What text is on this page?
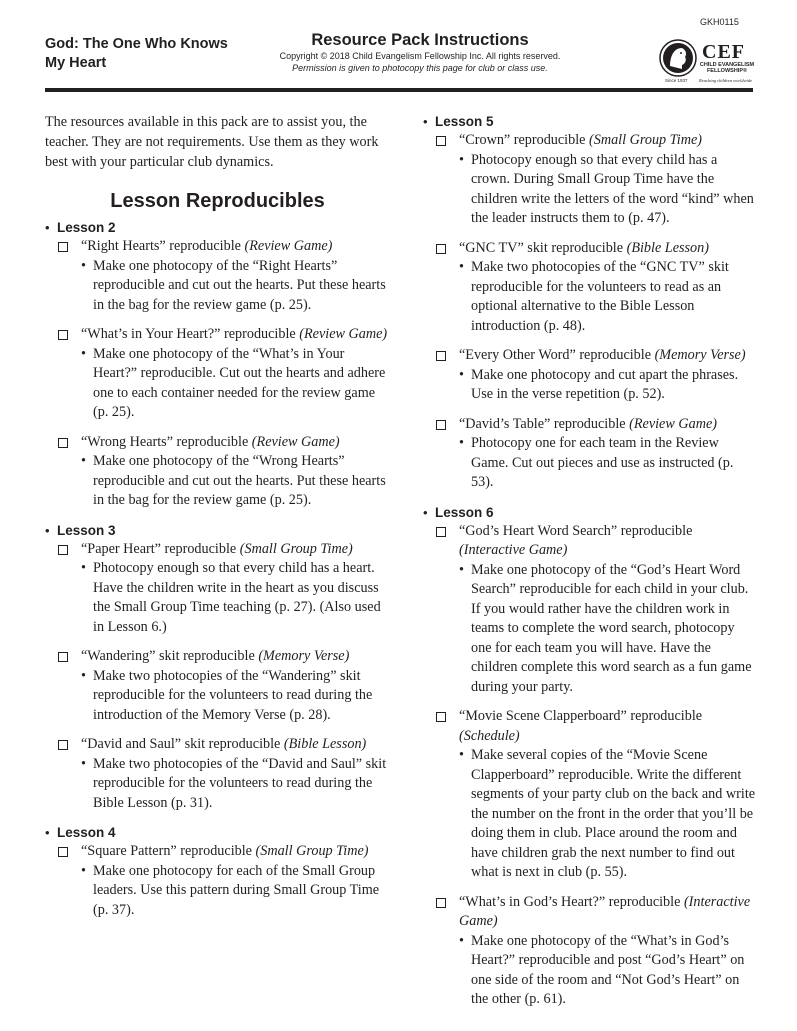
God: The One Who Knows My Heart
Resource Pack Instructions
Copyright © 2018 Child Evangelism Fellowship Inc. All rights reserved.
Permission is given to photocopy this page for club or class use.
GKH0115
CEF
CHILD EVANGELISM FELLOWSHIP®
Since 1937	Reaching children worldwide
The resources available in this pack are to assist you, the teacher. They are not requirements. Use them as they work best with your particular club dynamics.
Lesson Reproducibles
• Lesson 2
“Right Hearts” reproducible (Review Game)
• Make one photocopy of the “Right Hearts” reproducible and cut out the hearts. Put these hearts in the bag for the review game (p. 25).
“What’s in Your Heart?” reproducible (Review Game)
• Make one photocopy of the “What’s in Your Heart?” reproducible. Cut out the hearts and adhere one to each container needed for the review game (p. 25).
“Wrong Hearts” reproducible (Review Game)
• Make one photocopy of the “Wrong Hearts” reproducible and cut out the hearts. Put these hearts in the bag for the review game (p. 25).
• Lesson 3
“Paper Heart” reproducible (Small Group Time)
• Photocopy enough so that every child has a heart. Have the children write in the heart as you discuss the Small Group Time teaching (p. 27). (Also used in Lesson 6.)
“Wandering” skit reproducible (Memory Verse)
• Make two photocopies of the “Wandering” skit reproducible for the volunteers to read during the introduction of the Memory Verse (p. 28).
“David and Saul” skit reproducible (Bible Lesson)
• Make two photocopies of the “David and Saul” skit reproducible for the volunteers to read during the Bible Lesson (p. 31).
• Lesson 4
“Square Pattern” reproducible (Small Group Time)
• Make one photocopy for each of the Small Group leaders. Use this pattern during Small Group Time (p. 37).
• Lesson 5
“Crown” reproducible (Small Group Time)
• Photocopy enough so that every child has a crown. During Small Group Time have the children write the letters of the word “kind” when the leader instructs them to (p. 47).
“GNC TV” skit reproducible (Bible Lesson)
• Make two photocopies of the “GNC TV” skit reproducible for the volunteers to read as an optional alternative to the Bible Lesson introduction (p. 48).
“Every Other Word” reproducible (Memory Verse)
• Make one photocopy and cut apart the phrases. Use in the verse repetition (p. 52).
“David’s Table” reproducible (Review Game)
• Photocopy one for each team in the Review Game. Cut out pieces and use as instructed (p. 53).
• Lesson 6
“God’s Heart Word Search” reproducible (Interactive Game)
• Make one photocopy of the “God’s Heart Word Search” reproducible for each child in your club. If you would rather have the children work in teams to complete the word search, photocopy one for each team you will have. Have the children complete this word search as a fun game during your party.
“Movie Scene Clapperboard” reproducible (Schedule)
• Make several copies of the “Movie Scene Clapperboard” reproducible. Write the different segments of your party club on the back and write the number on the front in the order that you’ll be doing them in club. Place around the room and have children grab the next number to find out what is next in club (p. 55).
“What’s in God’s Heart?” reproducible (Interactive Game)
• Make one photocopy of the “What’s in God’s Heart?” reproducible and post “God’s Heart” on one side of the room and “Not God’s Heart” on the other (p. 61).
